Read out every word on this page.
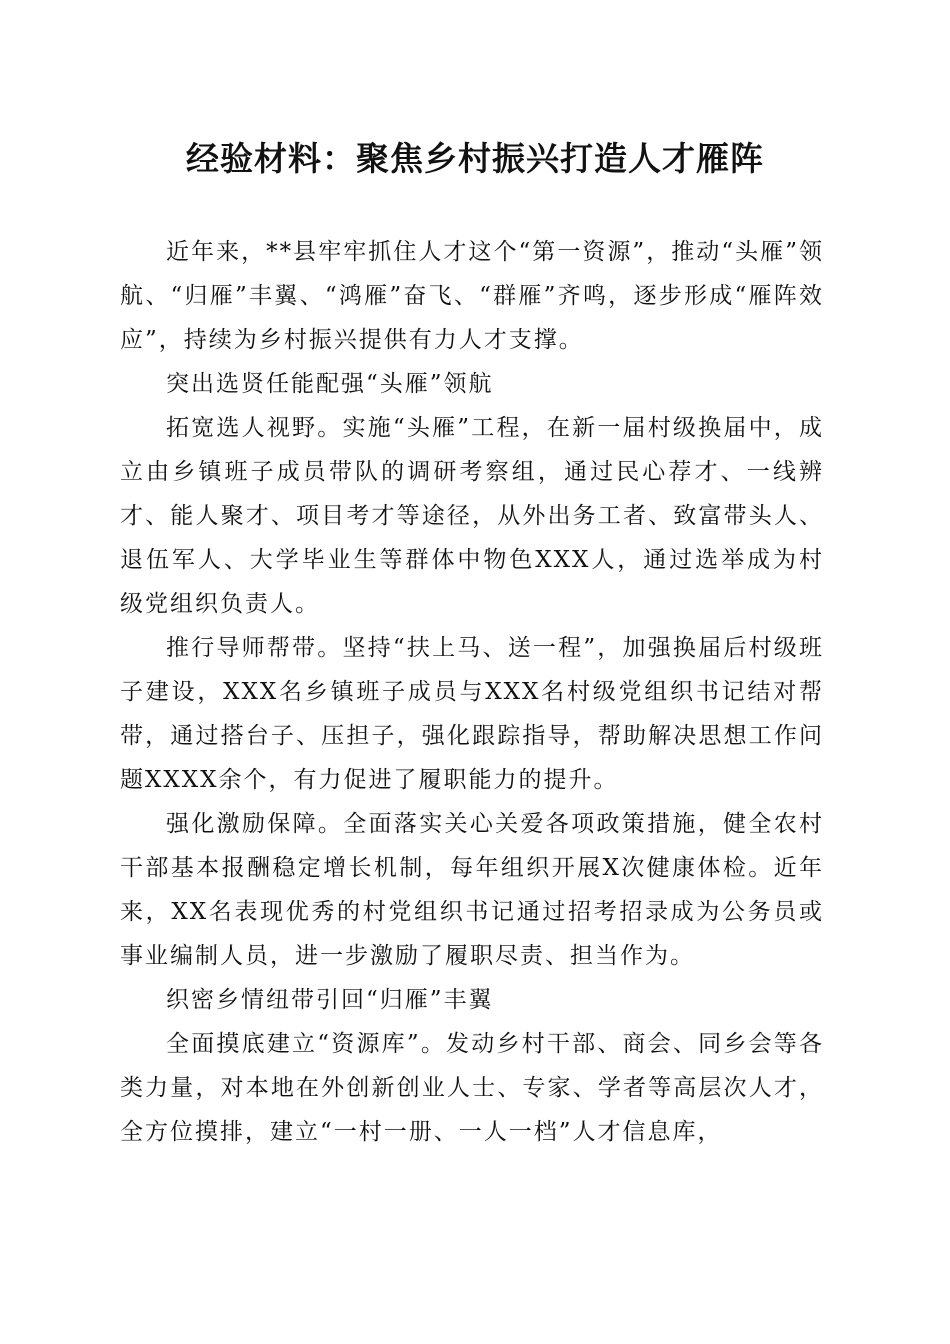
经验材料：聚焦乡村振兴打造人才雁阵

近年来，**县牢牢抓住人才这个“第一资源”，推动“头雁”领航、“归雁”丰翼、“鸿雁”奋飞、“群雁”齐鸣，逐步形成“雁阵效应”，持续为乡村振兴提供有力人才支撑。

突出选贤任能配强“头雁”领航

拓宽选人视野。实施“头雁”工程，在新一届村级换届中，成立由乡镇班子成员带队的调研考察组，通过民心荐才、一线辨才、能人聚才、项目考才等途径，从外出务工者、致富带头人、退伍军人、大学毕业生等群体中物色XXX人，通过选举成为村级党组织负责人。

推行导师帮带。坚持“扶上马、送一程”，加强换届后村级班子建设，XXX名乡镇班子成员与XXX名村级党组织书记结对帮带，通过搭台子、压担子，强化跟踪指导，帮助解决思想工作问题XXXX余个，有力促进了履职能力的提升。

强化激励保障。全面落实关心关爱各项政策措施，健全农村干部基本报酬稳定增长机制，每年组织开展X次健康体检。近年来，XX名表现优秀的村党组织书记通过招考招录成为公务员或事业编制人员，进一步激励了履职尽责、担当作为。

织密乡情纽带引回“归雁”丰翼

全面摸底建立“资源库”。发动乡村干部、商会、同乡会等各类力量，对本地在外创新创业人士、专家、学者等高层次人才，全方位摸排，建立“一村一册、一人一档”人才信息库，
